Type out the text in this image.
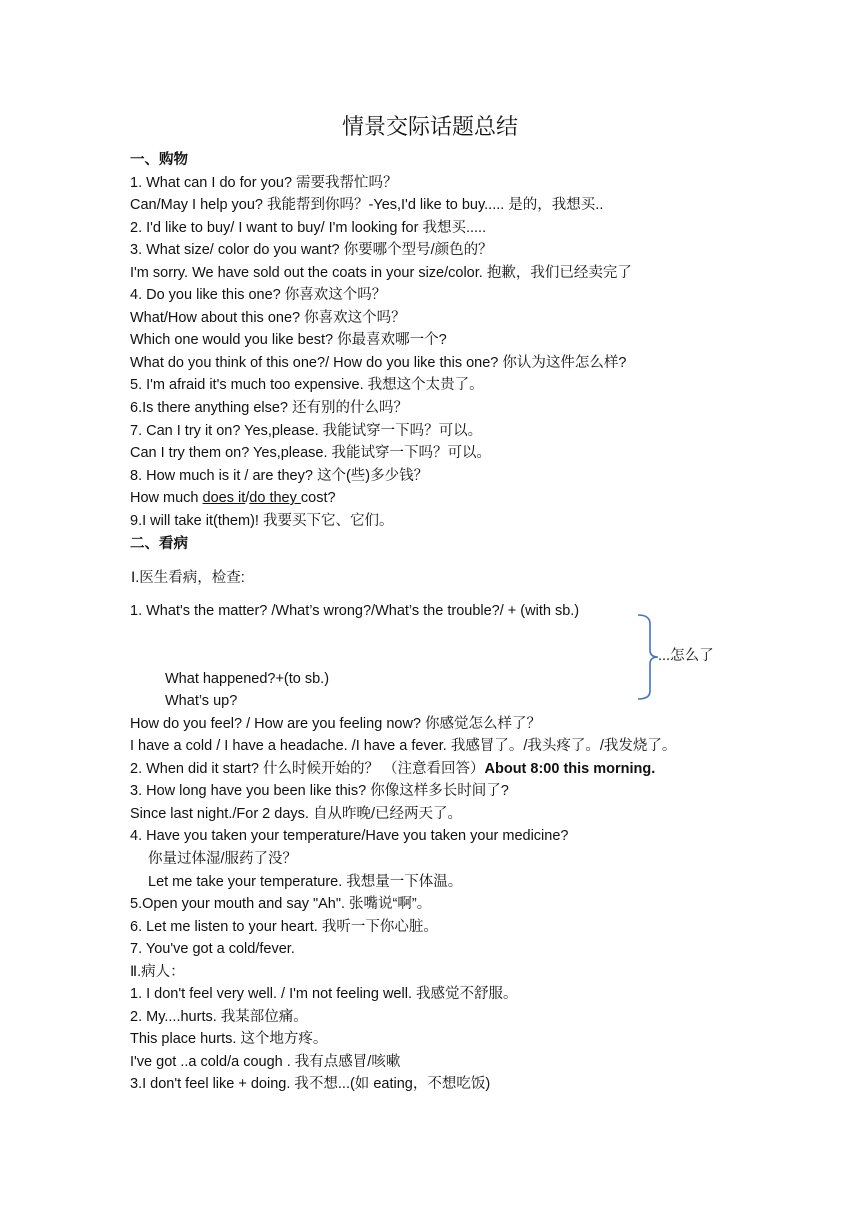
情景交际话题总结
一、购物
1. What can I do for you? 需要我帮忙吗？
Can/May I help you? 我能帮到你吗？-Yes,I'd like to buy..... 是的，我想买..
2. I'd like to buy/ I want to buy/ I'm looking for 我想买.....
3. What size/ color do you want? 你要哪个型号/颜色的？
I'm sorry. We have sold out the coats in your size/color. 抱歉，我们已经卖完了
4. Do you like this one? 你喜欢这个吗？
What/How about this one? 你喜欢这个吗？
Which one would you like best? 你最喜欢哪一个?
What do you think of this one?/ How do you like this one? 你认为这件怎么样?
5. I'm afraid it's much too expensive. 我想这个太贵了。
6.Is there anything else? 还有别的什么吗？
7. Can I try it on? Yes,please. 我能试穿一下吗？可以。
Can I try them on? Yes,please. 我能试穿一下吗？可以。
8. How much is it / are they? 这个(些)多少钱？
How much does it/do they cost?
9.I will take it(them)! 我要买下它、它们。
二、看病
Ⅰ.医生看病，检查:
1. What's the matter? /What’s wrong?/What’s the trouble?/ + (with sb.)
...怎么了
What happened?+(to sb.)
What’s up?
How do you feel? / How are you feeling now? 你感觉怎么样了？
I have a cold / I have a headache. /I have a fever. 我感冒了。/我头疼了。/我发烧了。
2. When did it start? 什么时候开始的？ （注意看回答）About 8:00 this morning.
3. How long have you been like this? 你像这样多长时间了?
Since last night./For 2 days. 自从昨晚/已经两天了。
4. Have you taken your temperature/Have you taken your medicine?
你量过体湿/服药了没？
Let me take your temperature. 我想量一下体温。
5.Open your mouth and say "Ah". 张嘴说“啊”。
6. Let me listen to your heart. 我听一下你心脏。
7. You've got a cold/fever.
Ⅱ.病人：
1. I don't feel very well. / I'm not feeling well. 我感觉不舒服。
2. My....hurts. 我某部位痛。
This place hurts. 这个地方疼。
I've got ..a cold/a cough . 我有点感冒/咳嗽
3.I don't feel like + doing. 我不想...(如 eating，不想吃饭)
